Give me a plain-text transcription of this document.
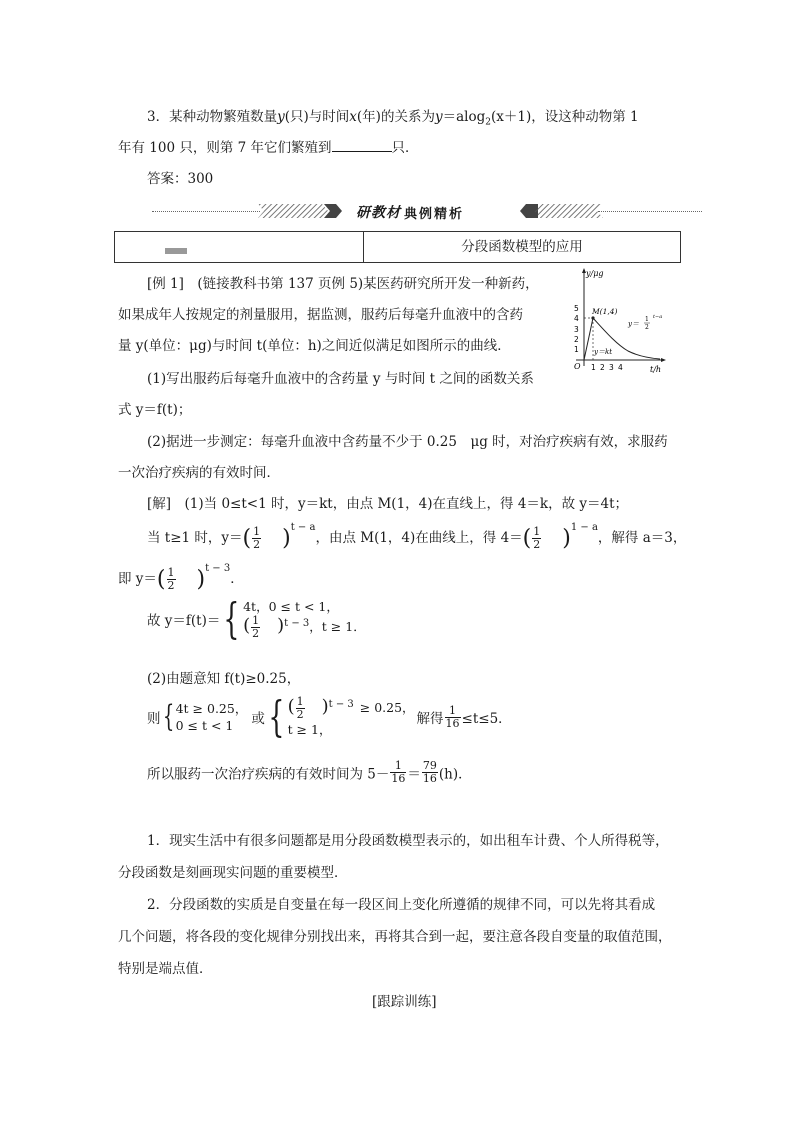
3．某种动物繁殖数量y(只)与时间x(年)的关系为y＝alog$_2$(x＋1)，设这种动物第 1
年有 100 只，则第 7 年它们繁殖到	只．
答案：300
研教材 典例精析
分段函数模型的应用
[例 1]　(链接教科书第 137 页例 5)某医药研究所开发一种新药，
如果成年人按规定的剂量服用，据监测，服药后每毫升血液中的含药
量 y(单位：μg)与时间 t(单位：h)之间近似满足如图所示的曲线．
(1)写出服药后每毫升血液中的含药量 y 与时间 t 之间的函数关系
式 y＝f(t)；
(2)据进一步测定：每毫升血液中含药量不少于 0.25　μg 时，对治疗疾病有效，求服药
一次治疗疾病的有效时间．
y/μg
t/h
O
5
4
3
2
1
1 2 3 4
M(1,4)
y＝
1
2
t−a
y＝kt
[解]　(1)当 0≤t<1 时，y＝kt，由点 M(1，4)在直线上，得 4＝k，故 y＝4t；
当 t≥1 时，$y=( \frac{1}{2} )^{t - a}$，由点 M(1，4)在曲线上，得 $4=( \frac{1}{2} )^{1 - a}$，解得 a＝3，
即 $y=( \frac{1}{2} )^{t - 3}$．
故 y＝f(t)＝{ 4t，0 ≤ t < 1，
( $\frac{1}{2} )^{t - 3}$，t ≥ 1．
(2)由题意知 f(t)≥0.25，
则{ 4t ≥ 0.25，
0 ≤ t < 1	或{ ( $\frac{1}{2} )^{t - 3} \ge 0.25$，
t ≥ 1，
解得 $\frac{1}{16} \le t\le 5$．
所以服药一次治疗疾病的有效时间为 $5- \frac{1}{16} = \frac{79}{16} (h)$．
1．现实生活中有很多问题都是用分段函数模型表示的，如出租车计费、个人所得税等，
分段函数是刻画现实问题的重要模型．
2．分段函数的实质是自变量在每一段区间上变化所遵循的规律不同，可以先将其看成
几个问题，将各段的变化规律分别找出来，再将其合到一起，要注意各段自变量的取值范围，
特别是端点值．
[跟踪训练]
